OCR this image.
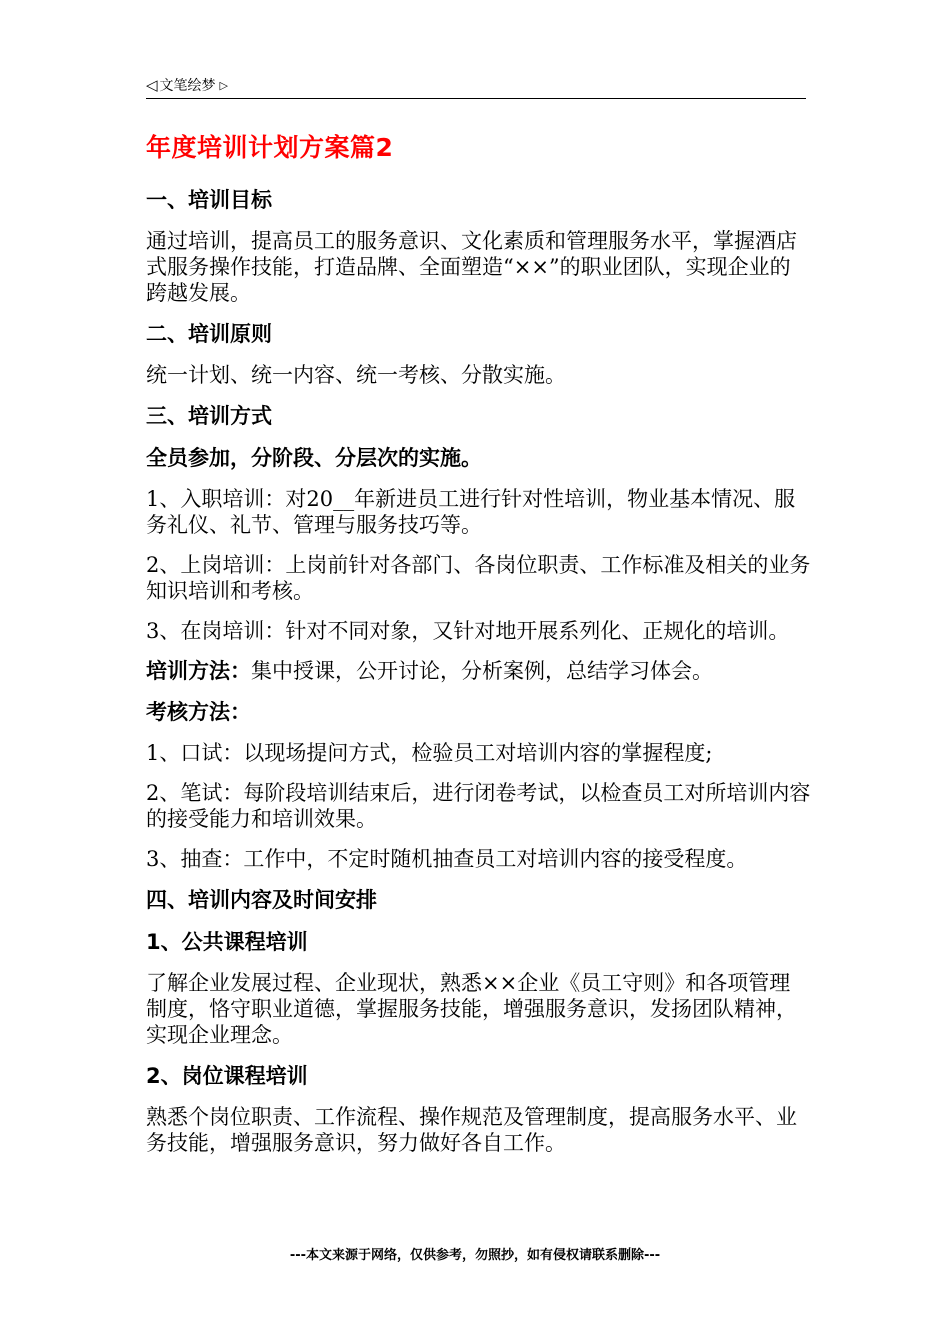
◁ 文笔绘梦 ▷
年度培训计划方案篇2
一、培训目标
通过培训，提高员工的服务意识、文化素质和管理服务水平，掌握酒店式服务操作技能，打造品牌、全面塑造“××”的职业团队，实现企业的跨越发展。
二、培训原则
统一计划、统一内容、统一考核、分散实施。
三、培训方式
全员参加，分阶段、分层次的实施。
1、入职培训：对20__年新进员工进行针对性培训，物业基本情况、服务礼仪、礼节、管理与服务技巧等。
2、上岗培训：上岗前针对各部门、各岗位职责、工作标准及相关的业务知识培训和考核。
3、在岗培训：针对不同对象，又针对地开展系列化、正规化的培训。
培训方法：集中授课，公开讨论，分析案例，总结学习体会。
考核方法：
1、口试：以现场提问方式，检验员工对培训内容的掌握程度;
2、笔试：每阶段培训结束后，进行闭卷考试，以检查员工对所培训内容的接受能力和培训效果。
3、抽查：工作中，不定时随机抽查员工对培训内容的接受程度。
四、培训内容及时间安排
1、公共课程培训
了解企业发展过程、企业现状，熟悉××企业《员工守则》和各项管理制度，恪守职业道德，掌握服务技能，增强服务意识，发扬团队精神，实现企业理念。
2、岗位课程培训
熟悉个岗位职责、工作流程、操作规范及管理制度，提高服务水平、业务技能，增强服务意识，努力做好各自工作。
---本文来源于网络，仅供参考，勿照抄，如有侵权请联系删除---
